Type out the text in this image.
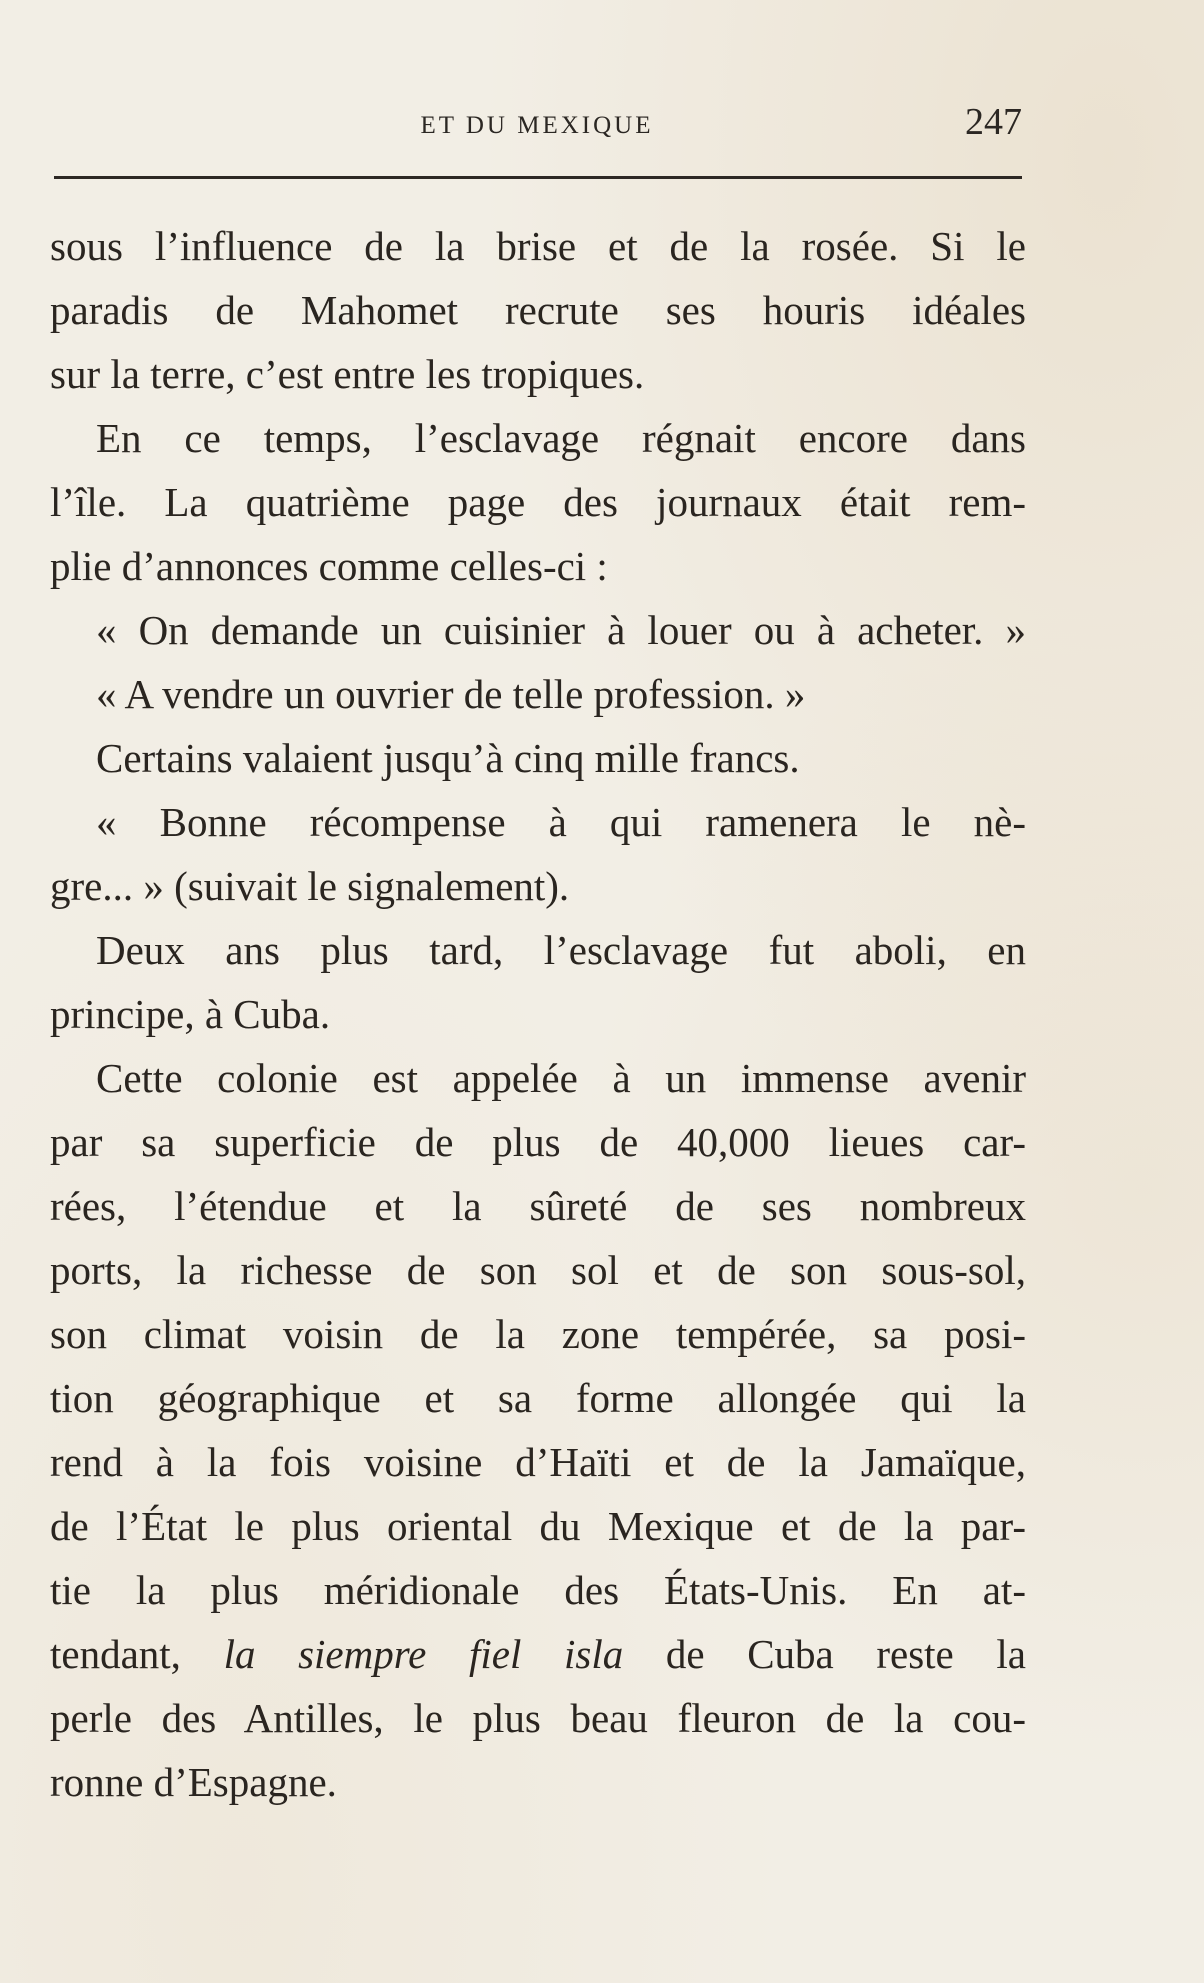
ET DU MEXIQUE	247
sous l’influence de la brise et de la rosée. Si le
paradis de Mahomet recrute ses houris idéales
sur la terre, c’est entre les tropiques.
En ce temps, l’esclavage régnait encore dans
l’île. La quatrième page des journaux était rem-
plie d’annonces comme celles-ci :
« On demande un cuisinier à louer ou à acheter. »
« A vendre un ouvrier de telle profession. »
Certains valaient jusqu’à cinq mille francs.
« Bonne récompense à qui ramenera le nè-
gre... » (suivait le signalement).
Deux ans plus tard, l’esclavage fut aboli, en
principe, à Cuba.
Cette colonie est appelée à un immense avenir
par sa superficie de plus de 40,000 lieues car-
rées, l’étendue et la sûreté de ses nombreux
ports, la richesse de son sol et de son sous-sol,
son climat voisin de la zone tempérée, sa posi-
tion géographique et sa forme allongée qui la
rend à la fois voisine d’Haïti et de la Jamaïque,
de l’État le plus oriental du Mexique et de la par-
tie la plus méridionale des États-Unis. En at-
tendant, la siempre fiel isla de Cuba reste la
perle des Antilles, le plus beau fleuron de la cou-
ronne d’Espagne.
